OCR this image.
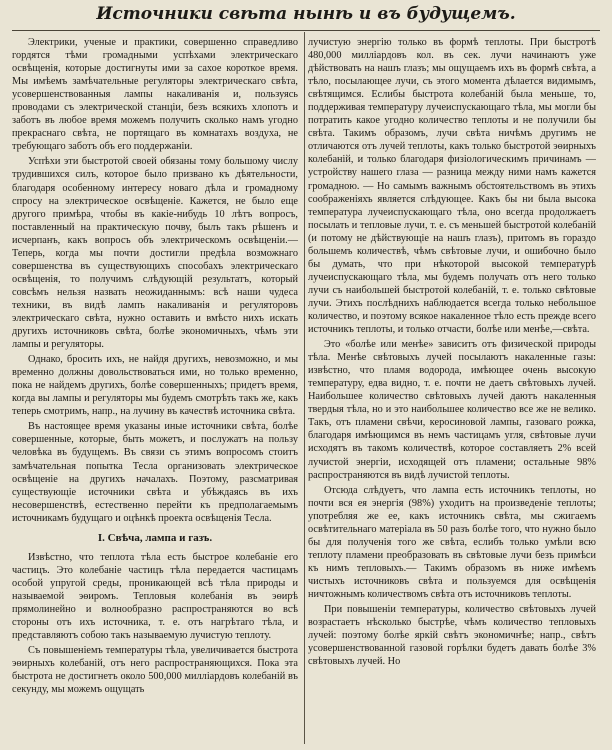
Источники свѣта нынѣ и въ будущемъ.

Электрики, ученые и практики, совершенно справедливо гордятся тѣми громадными успѣхами электрическаго освѣщенія, которые достигнуты ими за сахое короткое время. Мы имѣемъ замѣчательные регуляторы электрическаго свѣта, усовершенствованныя лампы накаливанія и, пользуясь проводами съ электрической станціи, безъ всякихъ хлопотъ и заботъ въ любое время можемъ получить сколько намъ угодно прекраснаго свѣта, не портящаго въ комнатахъ воздуха, не требующаго заботъ объ его поддержаніи.

Успѣхи эти быстротой своей обязаны тому большому числу трудившихся силъ, которое было призвано къ дѣятельности, благодаря особенному интересу новаго дѣла и громадному спросу на электрическое освѣщеніе. Кажется, не было еще другого примѣра, чтобы въ какіе-нибудь 10 лѣтъ вопросъ, поставленный на практическую почву, былъ такъ рѣшенъ и исчерпанъ, какъ вопросъ объ электрическомъ освѣщеніи.—Теперь, когда мы почти достигли предѣла возможнаго совершенства въ существующихъ способахъ электрическаго освѣщенія, то получимъ слѣдующій результатъ, который совсѣмъ нельзя назвать неожиданнымъ: всѣ наши чудеса техники, въ видѣ лампъ накаливанія и регуляторовъ электрическаго свѣта, нужно оставить и вмѣсто нихъ искать другихъ источниковъ свѣта, болѣе экономичныхъ, чѣмъ эти лампы и регуляторы.

Однако, бросить ихъ, не найдя другихъ, невозможно, и мы временно должны довольствоваться ими, но только временно, пока не найдемъ другихъ, болѣе совершенныхъ; придетъ время, когда вы лампы и регуляторы мы будемъ смотрѣть такъ же, какъ теперь смотримъ, напр., на лучину въ качествѣ источника свѣта.

Въ настоящее время указаны иные источники свѣта, болѣе совершенные, которые, быть можетъ, и послужатъ на пользу человѣка въ будущемъ. Въ связи съ этимъ вопросомъ стоитъ замѣчательная попытка Тесла организовать электрическое освѣщеніе на другихъ началахъ. Поэтому, разсматривая существующіе источники свѣта и убѣждаясь въ ихъ несовершенствѣ, естественно перейти къ предполагаемымъ источникамъ будущаго и оцѣнкѣ проекта освѣщенія Тесла.

I. Свѣча, лампа и газъ.

Извѣстно, что теплота тѣла есть быстрое колебаніе его частицъ. Это колебаніе частицъ тѣла передается частицамъ особой упругой среды, проникающей всѣ тѣла природы и называемой эѳиромъ. Тепловыя колебанія въ эѳирѣ прямолинейно и волнообразно распространяются во всѣ стороны отъ ихъ источника, т. е. отъ нагрѣтаго тѣла, и представляютъ собою такъ называемую лучистую теплоту.

Съ повышеніемъ температуры тѣла, увеличивается быстрота эѳирныхъ колебаній, отъ него распространяющихся. Пока эта быстрота не достигнетъ около 500,000 милліардовъ колебаній въ секунду, мы можемъ ощущать

лучистую энергію только въ формѣ теплоты. При быстротѣ 480,000 милліардовъ кол. въ сек. лучи начинаютъ уже дѣйствовать на нашъ глазъ; мы ощущаемъ ихъ въ формѣ свѣта, а тѣло, посылающее лучи, съ этого момента дѣлается видимымъ, свѣтящимся. Еслибы быстрота колебаній была меньше, то, поддерживая температуру лучеиспускающаго тѣла, мы могли бы потратить какое угодно количество теплоты и не получили бы свѣта. Такимъ образомъ, лучи свѣта ничѣмъ другимъ не отличаются отъ лучей теплоты, какъ только быстротой эѳирныхъ колебаній, и только благодаря физіологическимъ причинамъ — устройству нашего глаза — разница между ними намъ кажется громадною. — Но самымъ важнымъ обстоятельствомъ въ этихъ соображеніяхъ является слѣдующее. Какъ бы ни была высока температура лучеиспускающаго тѣла, оно всегда продолжаетъ посылать и тепловые лучи, т. е. съ меньшей быстротой колебаній (и потому не дѣйствующіе на нашъ глазъ), притомъ въ гораздо большемъ количествѣ, чѣмъ свѣтовые лучи, и ошибочно было бы думать, что при нѣкоторой высокой температурѣ лучеиспускающаго тѣла, мы будемъ получать отъ него только лучи съ наибольшей быстротой колебаній, т. е. только свѣтовые лучи. Этихъ послѣднихъ наблюдается всегда только небольшое количество, и поэтому всякое накаленное тѣло есть прежде всего источникъ теплоты, и только отчасти, болѣе или менѣе,—свѣта.

Это «болѣе или менѣе» зависитъ отъ физической природы тѣла. Менѣе свѣтовыхъ лучей посылаютъ накаленные газы: извѣстно, что пламя водорода, имѣющее очень высокую температуру, едва видно, т. е. почти не даетъ свѣтовыхъ лучей. Наибольшее количество свѣтовыхъ лучей даютъ накаленныя твердыя тѣла, но и это наибольшее количество все же не велико. Такъ, отъ пламени свѣчи, керосиновой лампы, газоваго рожка, благодаря имѣющимся въ немъ частицамъ угля, свѣтовые лучи исходятъ въ такомъ количествѣ, которое составляетъ 2% всей лучистой энергіи, исходящей отъ пламени; остальные 98% распространяются въ видѣ лучистой теплоты.

Отсюда слѣдуетъ, что лампа есть источникъ теплоты, но почти вся ея энергія (98%) уходитъ на произведеніе теплоты; употребляя же ее, какъ источникъ свѣта, мы сжигаемъ освѣтительнаго матеріала въ 50 разъ болѣе того, что нужно было бы для полученія того же свѣта, еслибъ только умѣли всю теплоту пламени преобразовать въ свѣтовые лучи безъ примѣси къ нимъ тепловыхъ.— Такимъ образомъ въ ниже имѣемъ чистыхъ источниковъ свѣта и пользуемся для освѣщенія ничтожнымъ количествомъ свѣта отъ источниковъ теплоты.

При повышеніи температуры, количество свѣтовыхъ лучей возрастаетъ нѣсколько быстрѣе, чѣмъ количество тепловыхъ лучей: поэтому болѣе яркій свѣтъ экономичнѣе; напр., свѣтъ усовершенствованной газовой горѣлки будетъ давать болѣе 3% свѣтовыхъ лучей. Но
